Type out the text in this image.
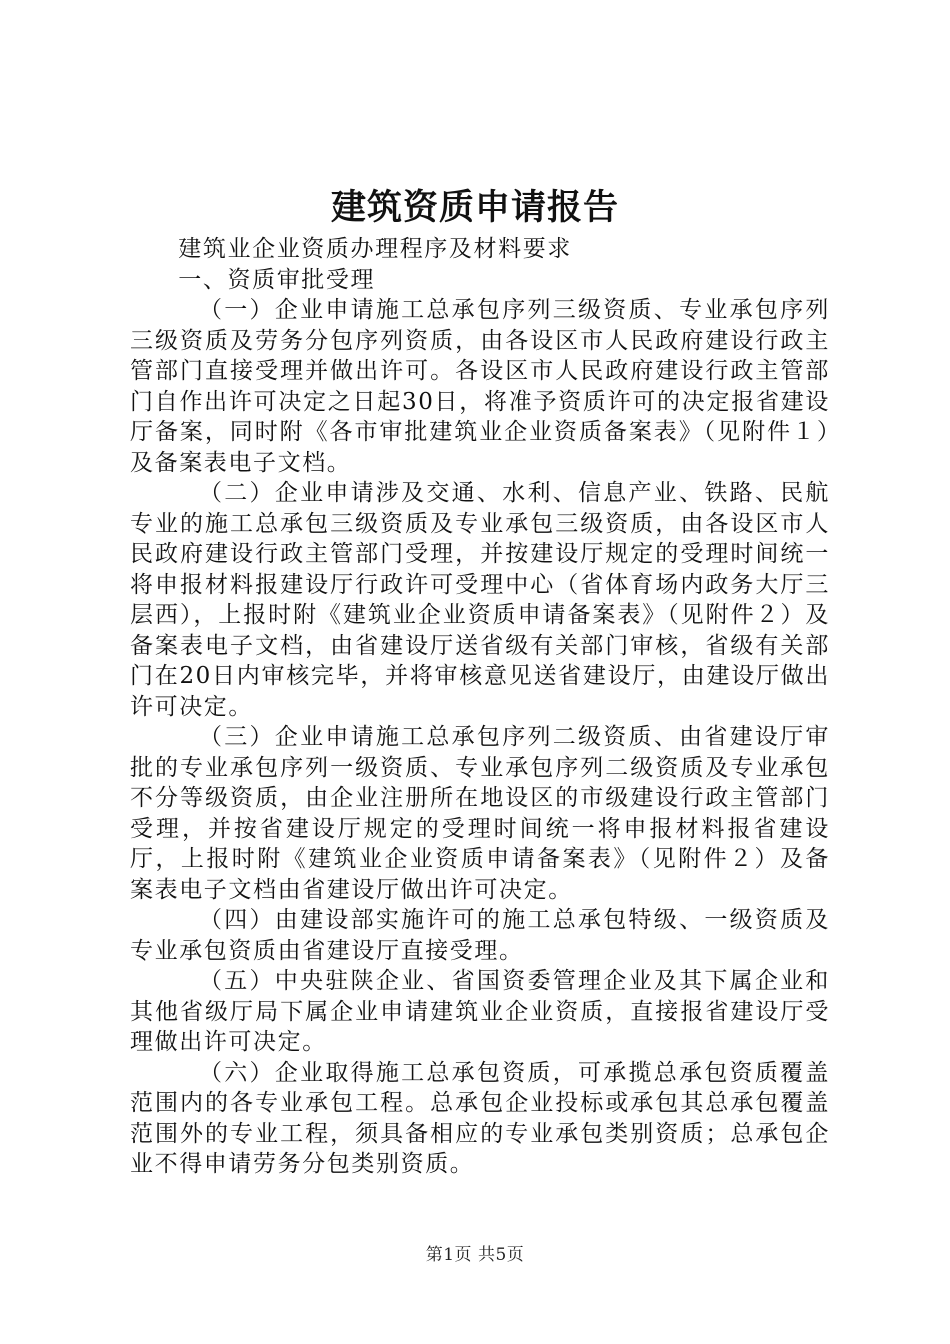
建筑资质申请报告

建筑业企业资质办理程序及材料要求

一、资质审批受理

（一）企业申请施工总承包序列三级资质、专业承包序列三级资质及劳务分包序列资质，由各设区市人民政府建设行政主管部门直接受理并做出许可。各设区市人民政府建设行政主管部门自作出许可决定之日起30日，将准予资质许可的决定报省建设厅备案，同时附《各市审批建筑业企业资质备案表》（见附件１）及备案表电子文档。

（二）企业申请涉及交通、水利、信息产业、铁路、民航专业的施工总承包三级资质及专业承包三级资质，由各设区市人民政府建设行政主管部门受理，并按建设厅规定的受理时间统一将申报材料报建设厅行政许可受理中心（省体育场内政务大厅三层西），上报时附《建筑业企业资质申请备案表》（见附件２）及备案表电子文档，由省建设厅送省级有关部门审核，省级有关部门在20日内审核完毕，并将审核意见送省建设厅，由建设厅做出许可决定。

（三）企业申请施工总承包序列二级资质、由省建设厅审批的专业承包序列一级资质、专业承包序列二级资质及专业承包不分等级资质，由企业注册所在地设区的市级建设行政主管部门受理，并按省建设厅规定的受理时间统一将申报材料报省建设厅，上报时附《建筑业企业资质申请备案表》（见附件２）及备案表电子文档由省建设厅做出许可决定。

（四）由建设部实施许可的施工总承包特级、一级资质及专业承包资质由省建设厅直接受理。

（五）中央驻陕企业、省国资委管理企业及其下属企业和其他省级厅局下属企业申请建筑业企业资质，直接报省建设厅受理做出许可决定。

（六）企业取得施工总承包资质，可承揽总承包资质覆盖范围内的各专业承包工程。总承包企业投标或承包其总承包覆盖范围外的专业工程，须具备相应的专业承包类别资质；总承包企业不得申请劳务分包类别资质。

第1页 共5页
